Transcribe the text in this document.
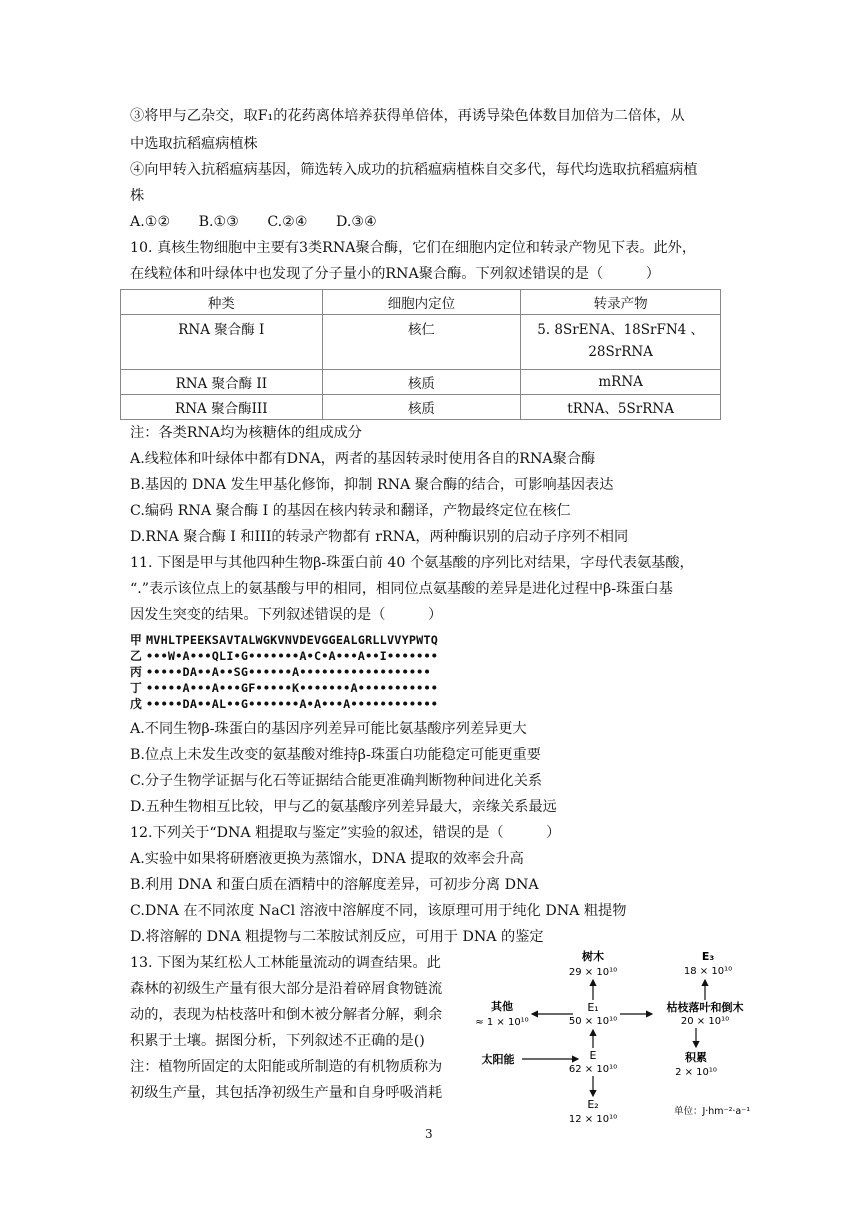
③将甲与乙杂交，取F₁的花药离体培养获得单倍体，再诱导染色体数目加倍为二倍体，从
中选取抗稻瘟病植株
④向甲转入抗稻瘟病基因，筛选转入成功的抗稻瘟病植株自交多代，每代均选取抗稻瘟病植
株
A.①②　　B.①③　　C.②④　　D.③④
10. 真核生物细胞中主要有3类RNA聚合酶，它们在细胞内定位和转录产物见下表。此外，
在线粒体和叶绿体中也发现了分子量小的RNA聚合酶。下列叙述错误的是（　　　）
种类	细胞内定位	转录产物
RNA 聚合酶 I	核仁	5. 8SrENA、18SrFN4 、
28SrRNA

RNA 聚合酶 II	核质	mRNA
RNA 聚合酶III	核质	tRNA、5SrRNA
注：各类RNA均为核糖体的组成成分
A.线粒体和叶绿体中都有DNA，两者的基因转录时使用各自的RNA聚合酶
B.基因的 DNA 发生甲基化修饰，抑制 RNA 聚合酶的结合，可影响基因表达
C.编码 RNA 聚合酶 I 的基因在核内转录和翻译，产物最终定位在核仁
D.RNA 聚合酶 I 和III的转录产物都有 rRNA，两种酶识别的启动子序列不相同
11. 下图是甲与其他四种生物β-珠蛋白前 40 个氨基酸的序列比对结果，字母代表氨基酸，
“.”表示该位点上的氨基酸与甲的相同，相同位点氨基酸的差异是进化过程中β-珠蛋白基
因发生突变的结果。下列叙述错误的是（　　　）
甲 MVHLTPEEKSAVTALWGKVNVDEVGGEALGRLLVVYPWTQ
乙 •••W•A•••QLI•G•••••••A•C•A•••A••I•••••••
丙 •••••DA••A••SG••••••A••••••••••••••••••
丁 •••••A•••A•••GF•••••K•••••••A•••••••••••
戊 •••••DA••AL••G•••••••A•A•••A••••••••••••
A.不同生物β-珠蛋白的基因序列差异可能比氨基酸序列差异更大
B.位点上未发生改变的氨基酸对维持β-珠蛋白功能稳定可能更重要
C.分子生物学证据与化石等证据结合能更准确判断物种间进化关系
D.五种生物相互比较，甲与乙的氨基酸序列差异最大，亲缘关系最远
12.下列关于“DNA 粗提取与鉴定”实验的叙述，错误的是（　　　）
A.实验中如果将研磨液更换为蒸馏水，DNA 提取的效率会升高
B.利用 DNA 和蛋白质在酒精中的溶解度差异，可初步分离 DNA
C.DNA 在不同浓度 NaCl 溶液中溶解度不同，该原理可用于纯化 DNA 粗提物
D.将溶解的 DNA 粗提物与二苯胺试剂反应，可用于 DNA 的鉴定
13. 下图为某红松人工林能量流动的调查结果。此
森林的初级生产量有很大部分是沿着碎屑食物链流
动的，表现为枯枝落叶和倒木被分解者分解，剩余
积累于土壤。据图分析，下列叙述不正确的是()
注：植物所固定的太阳能或所制造的有机物质称为
初级生产量，其包括净初级生产量和自身呼吸消耗
树木
29 × 10¹⁰
E₃
18 × 10¹⁰
其他
≈ 1 × 10¹⁰
E₁
50 × 10¹⁰
枯枝落叶和倒木
20 × 10¹⁰
太阳能	E
62 × 10¹⁰
积累
2 × 10¹⁰
E₂
12 × 10¹⁰
单位：J·hm⁻²·a⁻¹
3
